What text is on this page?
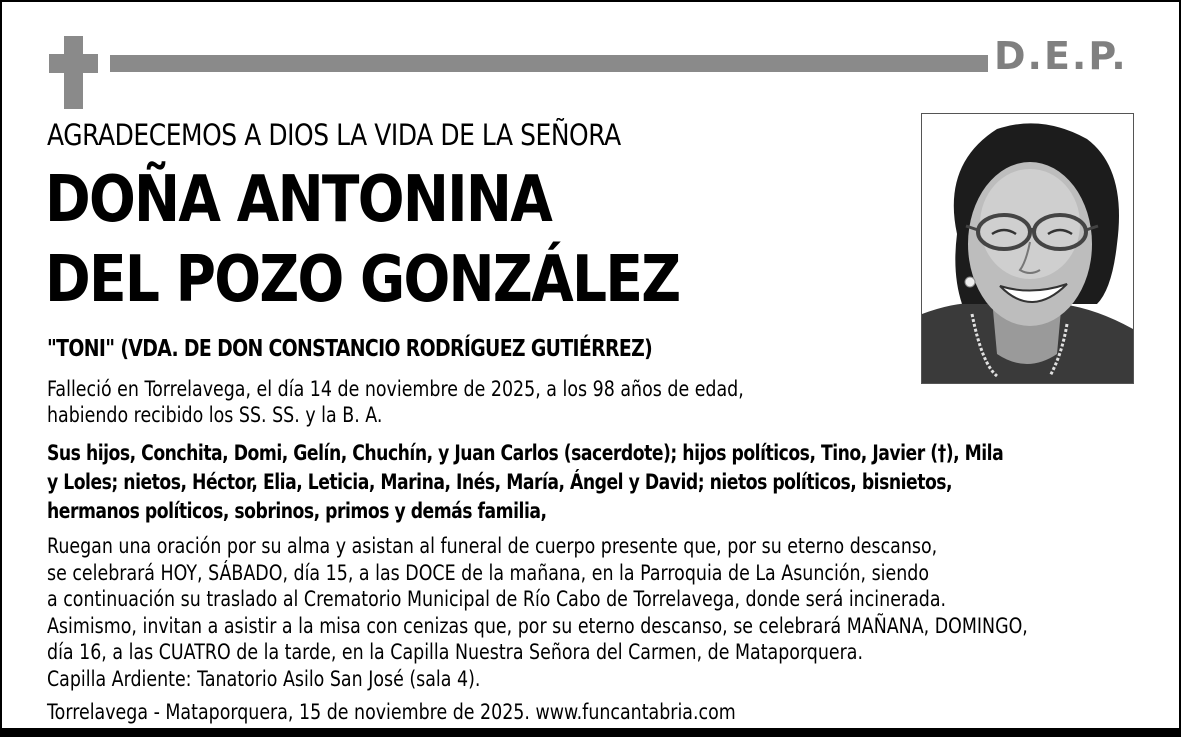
D.E.P.
AGRADECEMOS A DIOS LA VIDA DE LA SEÑORA
DOÑA ANTONINA
DEL POZO GONZÁLEZ
"TONI" (VDA. DE DON CONSTANCIO RODRÍGUEZ GUTIÉRREZ)
Falleció en Torrelavega, el día 14 de noviembre de 2025, a los 98 años de edad,
habiendo recibido los SS. SS. y la B. A.
Sus hijos, Conchita, Domi, Gelín, Chuchín, y Juan Carlos (sacerdote); hijos políticos, Tino, Javier (†), Mila
y Loles; nietos, Héctor, Elia, Leticia, Marina, Inés, María, Ángel y David; nietos políticos, bisnietos,
hermanos políticos, sobrinos, primos y demás familia,
Ruegan una oración por su alma y asistan al funeral de cuerpo presente que, por su eterno descanso,
se celebrará HOY, SÁBADO, día 15, a las DOCE de la mañana, en la Parroquia de La Asunción, siendo
a continuación su traslado al Crematorio Municipal de Río Cabo de Torrelavega, donde será incinerada.
Asimismo, invitan a asistir a la misa con cenizas que, por su eterno descanso, se celebrará MAÑANA, DOMINGO,
día 16, a las CUATRO de la tarde, en la Capilla Nuestra Señora del Carmen, de Mataporquera.
Capilla Ardiente: Tanatorio Asilo San José (sala 4).
Torrelavega - Mataporquera, 15 de noviembre de 2025. www.funcantabria.com
